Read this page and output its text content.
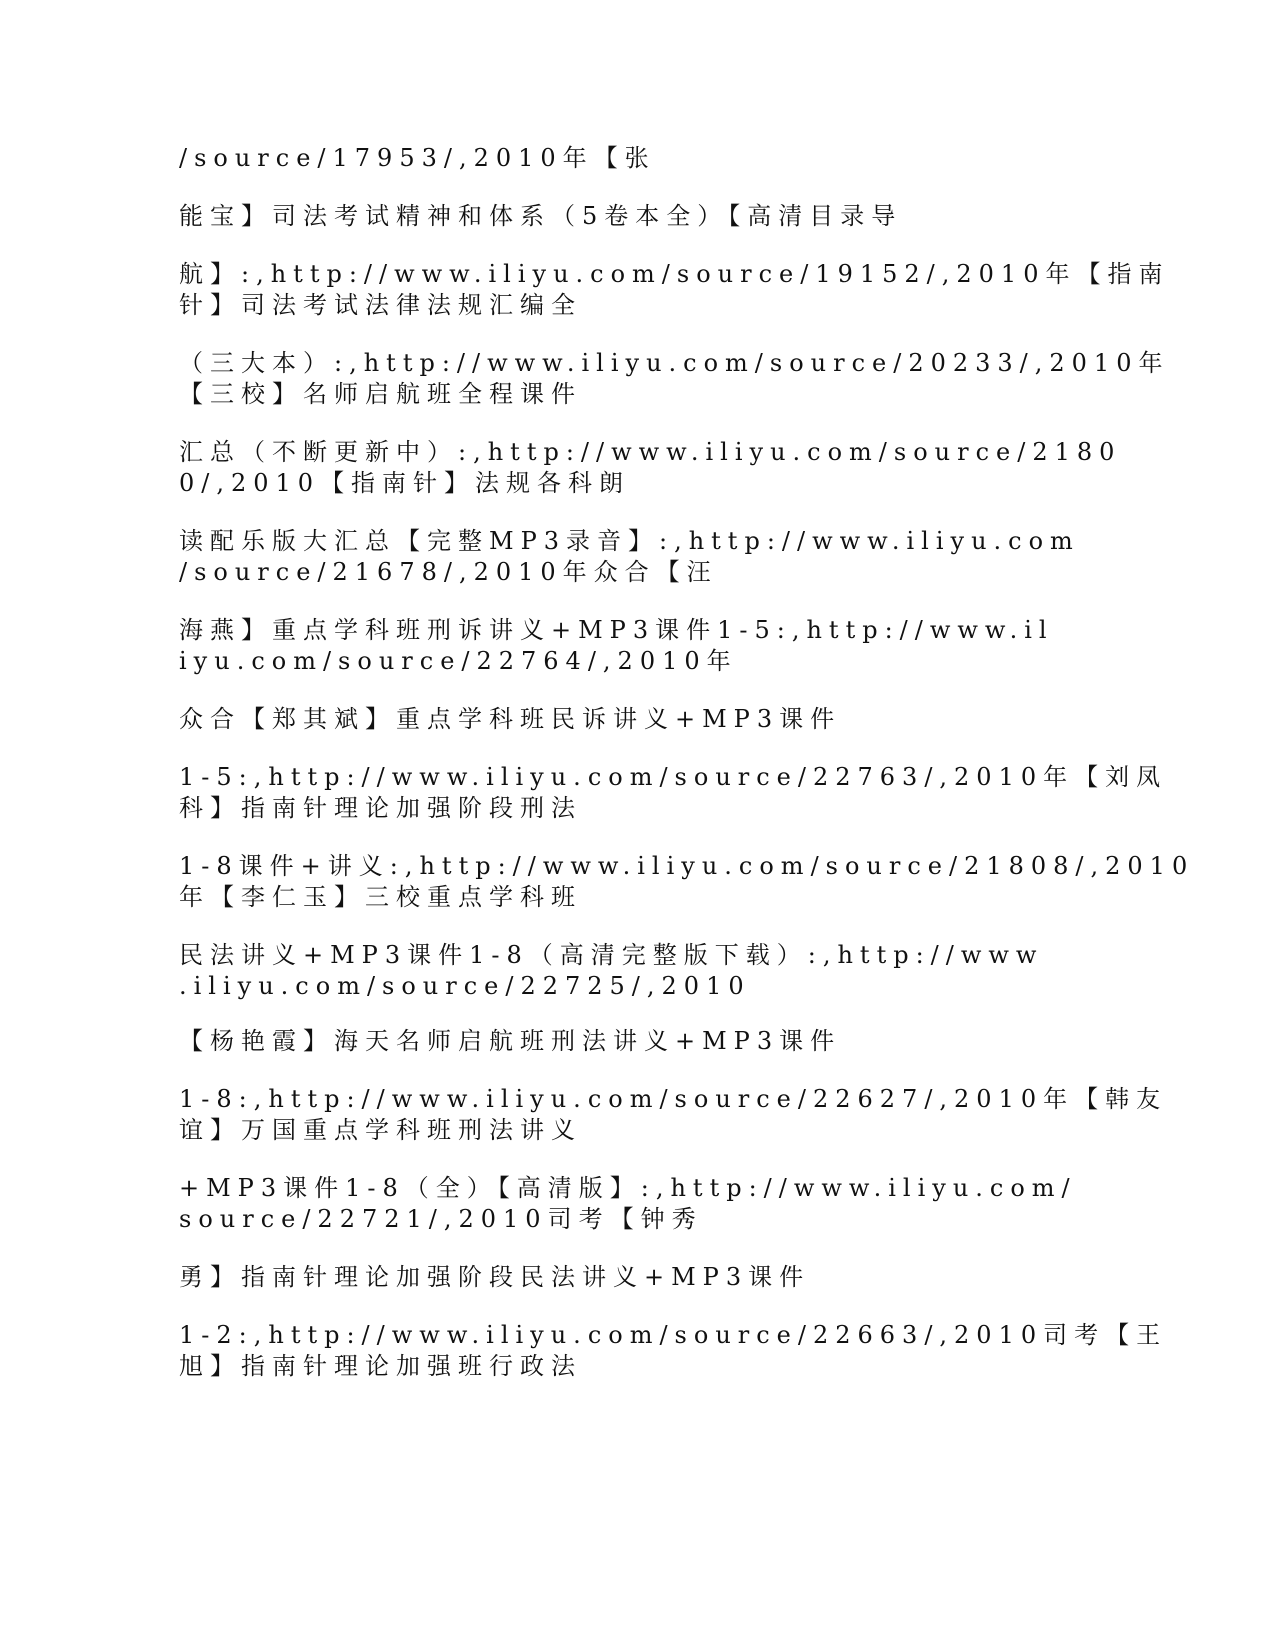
/source/17953/,2010年【张
能宝】司法考试精神和体系（5卷本全）【高清目录导
航】:,http://www.iliyu.com/source/19152/,2010年【指南
针】司法考试法律法规汇编全
（三大本）:,http://www.iliyu.com/source/20233/,2010年
【三校】名师启航班全程课件
汇总（不断更新中）:,http://www.iliyu.com/source/2180
0/,2010【指南针】法规各科朗
读配乐版大汇总【完整MP3录音】:,http://www.iliyu.com
/source/21678/,2010年众合【汪
海燕】重点学科班刑诉讲义+MP3课件1-5:,http://www.il
iyu.com/source/22764/,2010年
众合【郑其斌】重点学科班民诉讲义+MP3课件
1-5:,http://www.iliyu.com/source/22763/,2010年【刘凤
科】指南针理论加强阶段刑法
1-8课件+讲义:,http://www.iliyu.com/source/21808/,2010
年【李仁玉】三校重点学科班
民法讲义+MP3课件1-8（高清完整版下载）:,http://www
.iliyu.com/source/22725/,2010
【杨艳霞】海天名师启航班刑法讲义+MP3课件
1-8:,http://www.iliyu.com/source/22627/,2010年【韩友
谊】万国重点学科班刑法讲义
+MP3课件1-8（全）【高清版】:,http://www.iliyu.com/
source/22721/,2010司考【钟秀
勇】指南针理论加强阶段民法讲义+MP3课件
1-2:,http://www.iliyu.com/source/22663/,2010司考【王
旭】指南针理论加强班行政法
